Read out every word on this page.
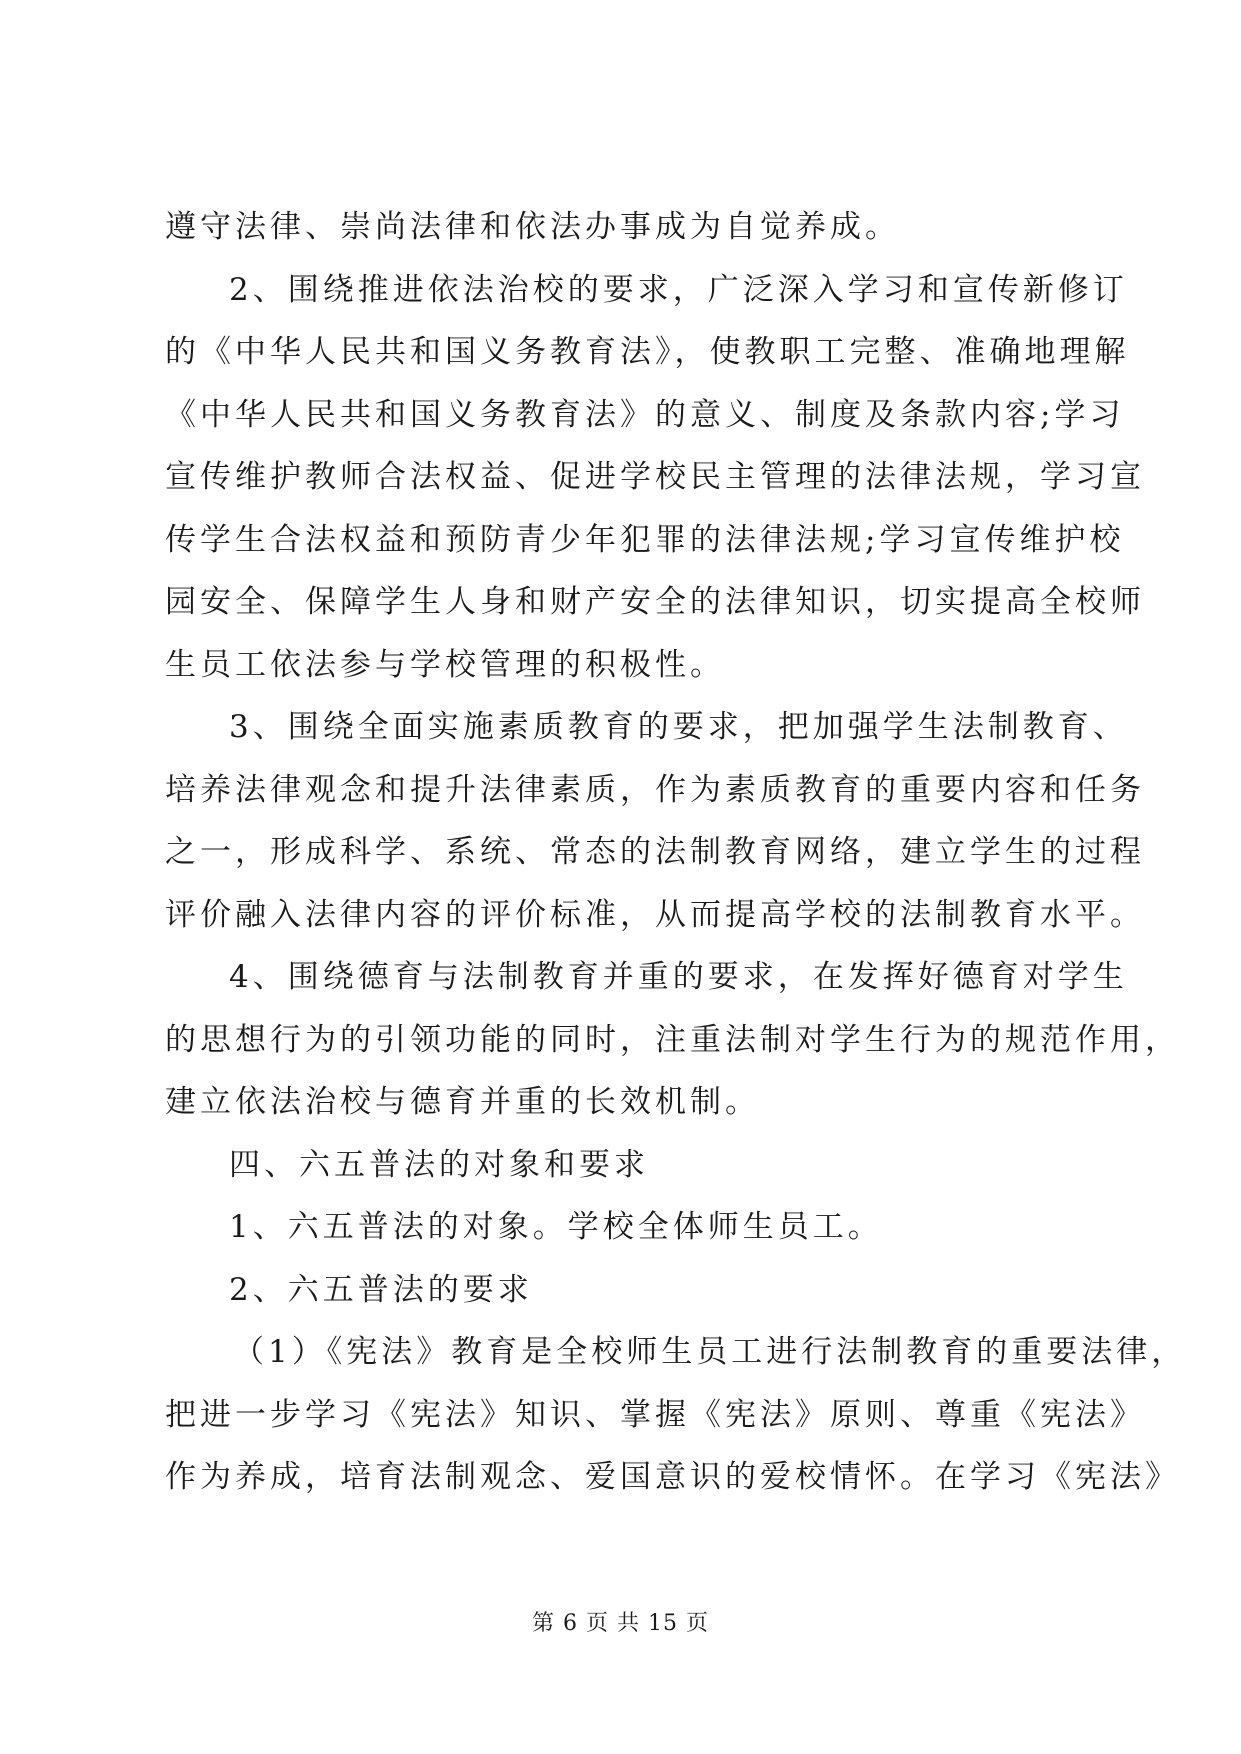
遵守法律、崇尚法律和依法办事成为自觉养成。
2、围绕推进依法治校的要求，广泛深入学习和宣传新修订
的《中华人民共和国义务教育法》，使教职工完整、准确地理解
《中华人民共和国义务教育法》的意义、制度及条款内容;学习
宣传维护教师合法权益、促进学校民主管理的法律法规，学习宣
传学生合法权益和预防青少年犯罪的法律法规;学习宣传维护校
园安全、保障学生人身和财产安全的法律知识，切实提高全校师
生员工依法参与学校管理的积极性。
3、围绕全面实施素质教育的要求，把加强学生法制教育、
培养法律观念和提升法律素质，作为素质教育的重要内容和任务
之一，形成科学、系统、常态的法制教育网络，建立学生的过程
评价融入法律内容的评价标准，从而提高学校的法制教育水平。
4、围绕德育与法制教育并重的要求，在发挥好德育对学生
的思想行为的引领功能的同时，注重法制对学生行为的规范作用，
建立依法治校与德育并重的长效机制。
四、六五普法的对象和要求
1、六五普法的对象。学校全体师生员工。
2、六五普法的要求
（1）《宪法》教育是全校师生员工进行法制教育的重要法律，
把进一步学习《宪法》知识、掌握《宪法》原则、尊重《宪法》
作为养成，培育法制观念、爱国意识的爱校情怀。在学习《宪法》
第 6 页 共 15 页
